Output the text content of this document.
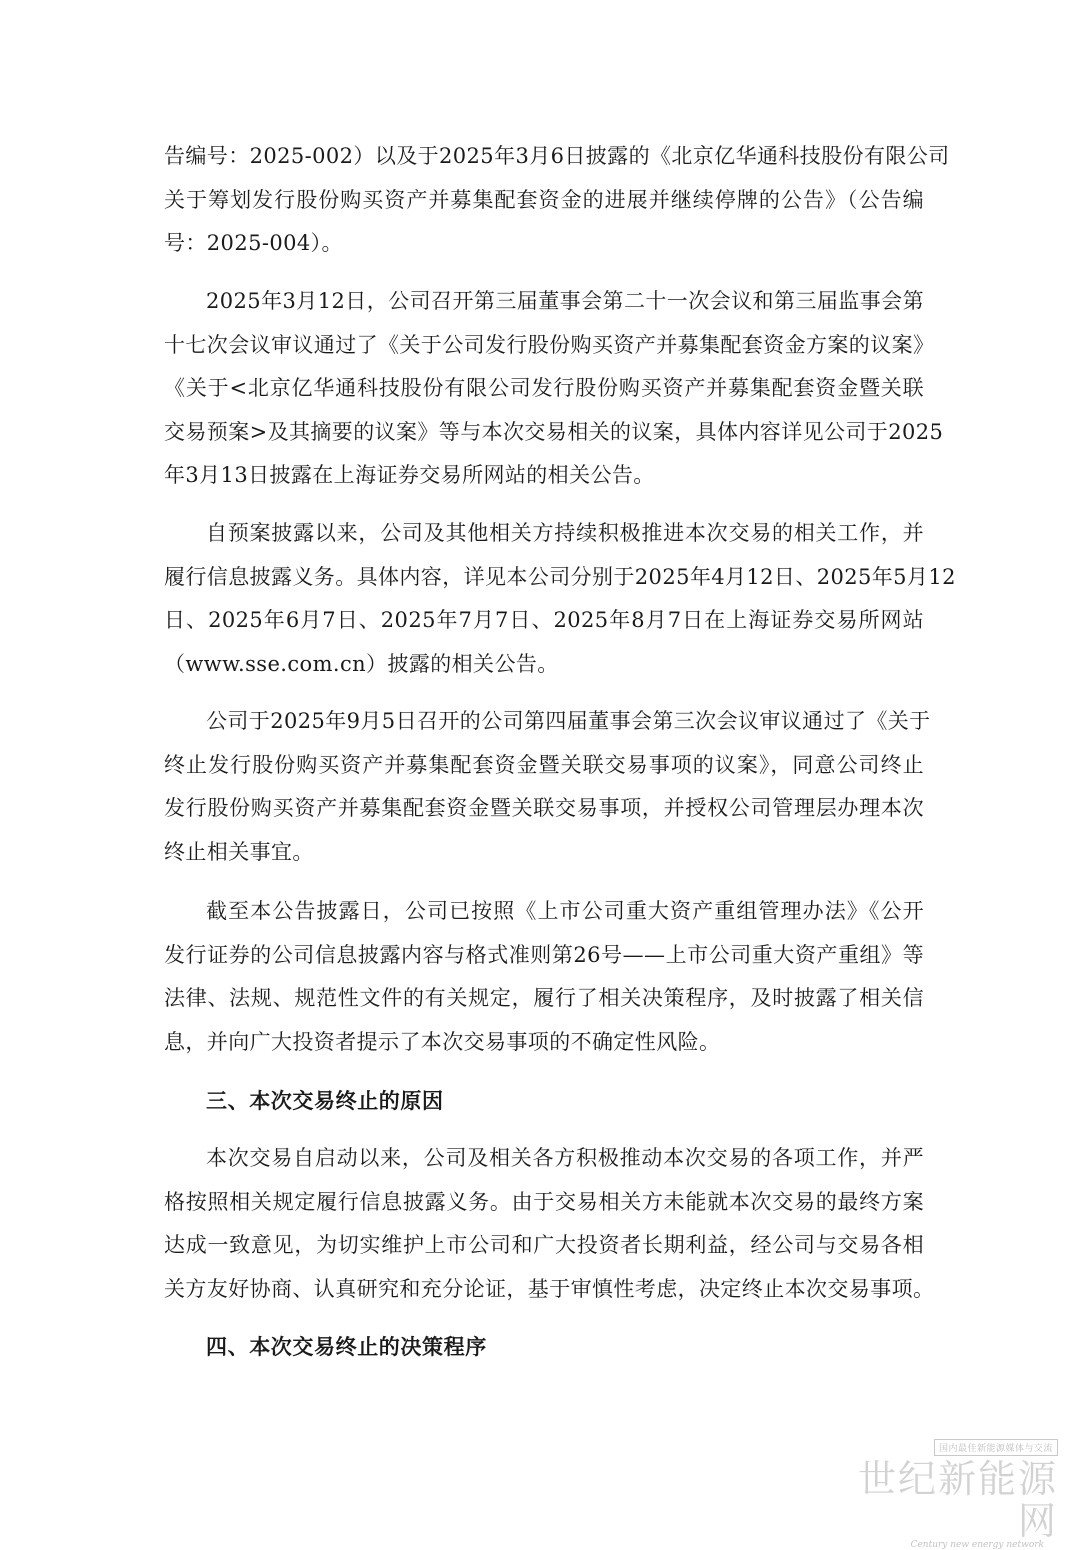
告编号：2025-002）以及于2025年3月6日披露的《北京亿华通科技股份有限公司
关于筹划发行股份购买资产并募集配套资金的进展并继续停牌的公告》（公告编
号：2025-004）。
2025年3月12日，公司召开第三届董事会第二十一次会议和第三届监事会第
十七次会议审议通过了《关于公司发行股份购买资产并募集配套资金方案的议案》
《关于<北京亿华通科技股份有限公司发行股份购买资产并募集配套资金暨关联
交易预案>及其摘要的议案》等与本次交易相关的议案，具体内容详见公司于2025
年3月13日披露在上海证券交易所网站的相关公告。
自预案披露以来，公司及其他相关方持续积极推进本次交易的相关工作，并
履行信息披露义务。具体内容，详见本公司分别于2025年4月12日、2025年5月12
日、2025年6月7日、2025年7月7日、2025年8月7日在上海证券交易所网站
（www.sse.com.cn）披露的相关公告。
公司于2025年9月5日召开的公司第四届董事会第三次会议审议通过了《关于
终止发行股份购买资产并募集配套资金暨关联交易事项的议案》，同意公司终止
发行股份购买资产并募集配套资金暨关联交易事项，并授权公司管理层办理本次
终止相关事宜。
截至本公告披露日，公司已按照《上市公司重大资产重组管理办法》《公开
发行证券的公司信息披露内容与格式准则第26号——上市公司重大资产重组》等
法律、法规、规范性文件的有关规定，履行了相关决策程序，及时披露了相关信
息，并向广大投资者提示了本次交易事项的不确定性风险。
三、本次交易终止的原因
本次交易自启动以来，公司及相关各方积极推动本次交易的各项工作，并严
格按照相关规定履行信息披露义务。由于交易相关方未能就本次交易的最终方案
达成一致意见，为切实维护上市公司和广大投资者长期利益，经公司与交易各相
关方友好协商、认真研究和充分论证，基于审慎性考虑，决定终止本次交易事项。
四、本次交易终止的决策程序
国内最佳新能源媒体与交流
世纪新能源网
Century new energy network
